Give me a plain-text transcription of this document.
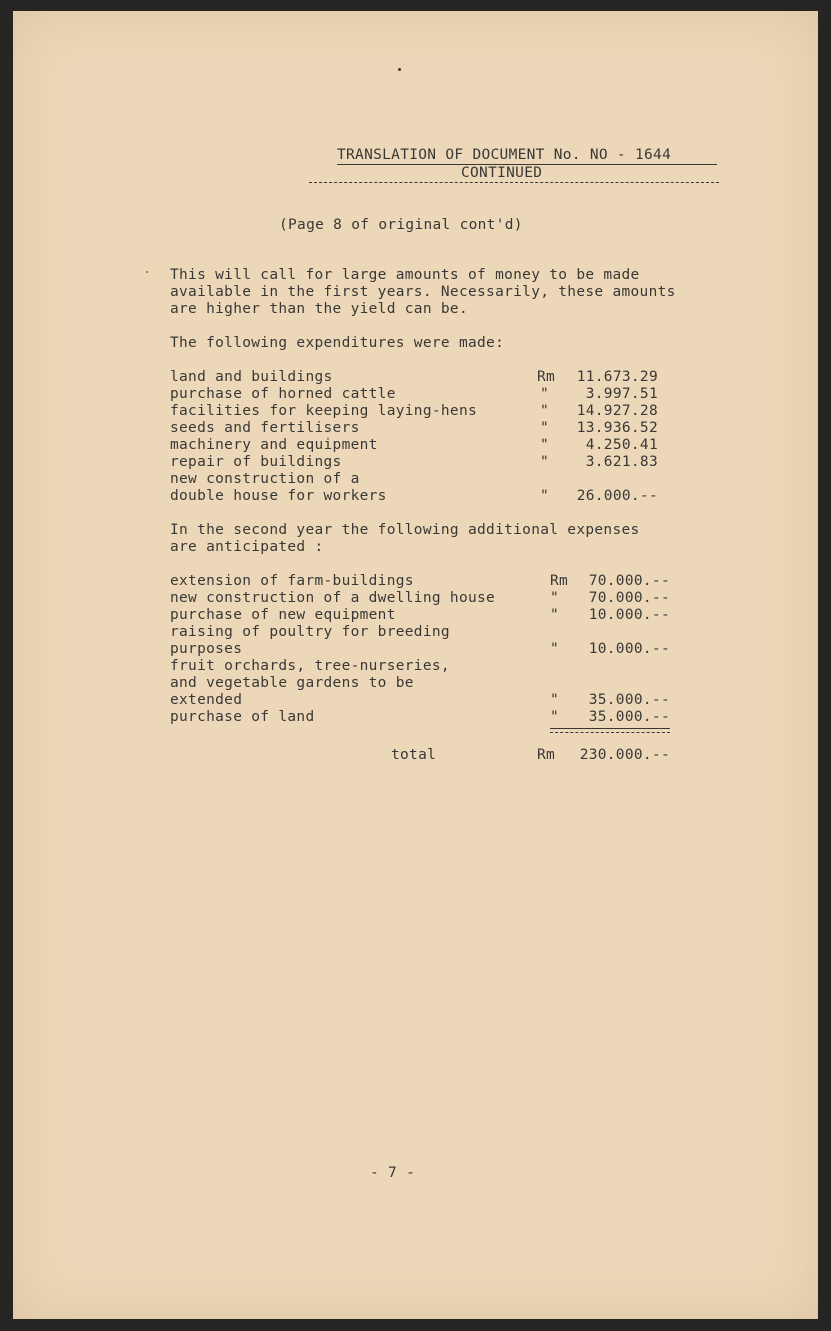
TRANSLATION OF DOCUMENT No. NO - 1644
CONTINUED
(Page 8 of original cont'd)
This will call for large amounts of money to be made
available in the first years. Necessarily, these amounts
are higher than the yield can be.
The following expenditures were made:
land and buildings	Rm	11.673.29
purchase of horned cattle	"	3.997.51
facilities for keeping laying-hens	"	14.927.28
seeds and fertilisers	"	13.936.52
machinery and equipment	"	4.250.41
repair of buildings	"	3.621.83
new construction of a
double house for workers	"	26.000.--
In the second year the following additional expenses
are anticipated :
extension of farm-buildings	Rm	70.000.--
new construction of a dwelling house	"	70.000.--
purchase of new equipment	"	10.000.--
raising of poultry for breeding
purposes	"	10.000.--
fruit orchards, tree-nurseries,
and vegetable gardens to be
extended	"	35.000.--
purchase of land	"	35.000.--
total	Rm	230.000.--
- 7 -
